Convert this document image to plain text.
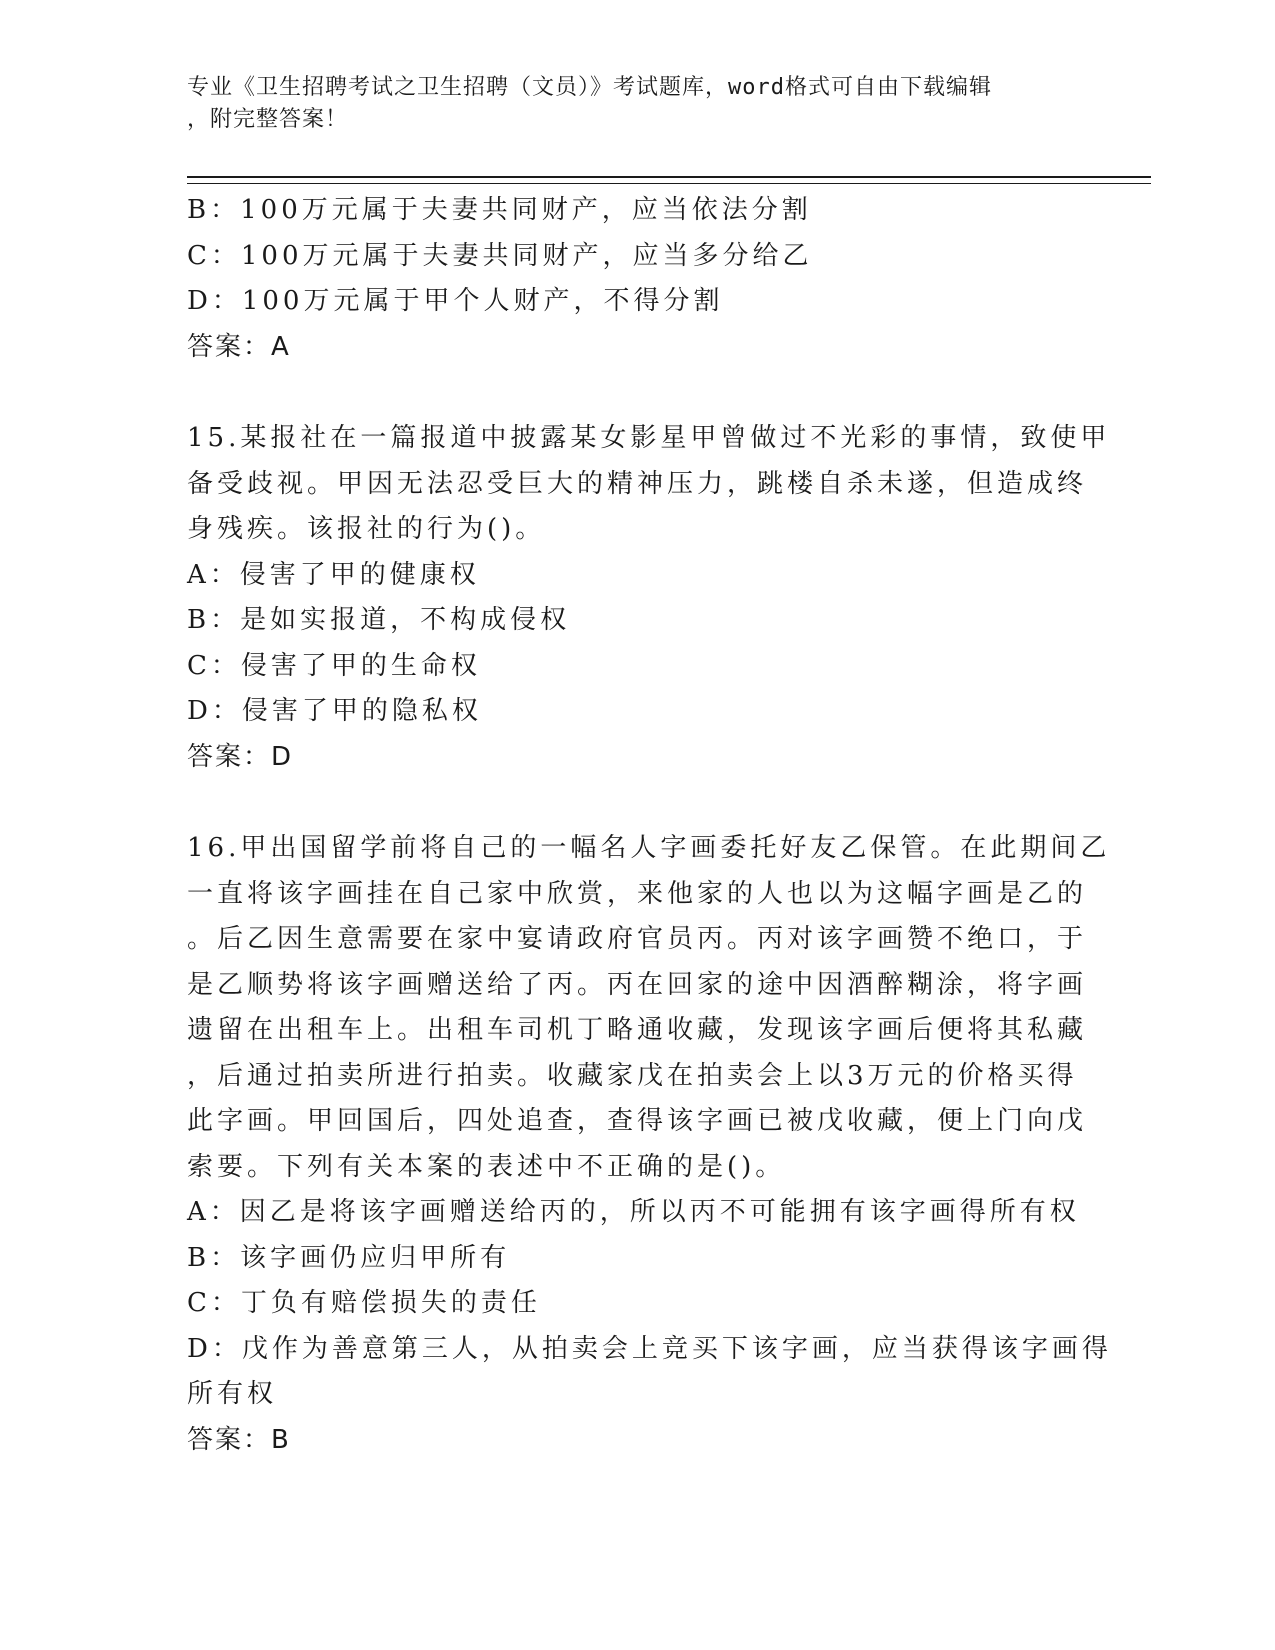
专业《卫生招聘考试之卫生招聘（文员）》考试题库，word格式可自由下载编辑
，附完整答案！

B：100万元属于夫妻共同财产，应当依法分割

C：100万元属于夫妻共同财产，应当多分给乙

D：100万元属于甲个人财产，不得分割

答案：A

15.某报社在一篇报道中披露某女影星甲曾做过不光彩的事情，致使甲

备受歧视。甲因无法忍受巨大的精神压力，跳楼自杀未遂，但造成终

身残疾。该报社的行为()。

A：侵害了甲的健康权

B：是如实报道，不构成侵权

C：侵害了甲的生命权

D：侵害了甲的隐私权

答案：D

16.甲出国留学前将自己的一幅名人字画委托好友乙保管。在此期间乙

一直将该字画挂在自己家中欣赏，来他家的人也以为这幅字画是乙的

。后乙因生意需要在家中宴请政府官员丙。丙对该字画赞不绝口，于

是乙顺势将该字画赠送给了丙。丙在回家的途中因酒醉糊涂，将字画

遗留在出租车上。出租车司机丁略通收藏，发现该字画后便将其私藏

，后通过拍卖所进行拍卖。收藏家戊在拍卖会上以3万元的价格买得

此字画。甲回国后，四处追查，查得该字画已被戊收藏，便上门向戊

索要。下列有关本案的表述中不正确的是()。

A：因乙是将该字画赠送给丙的，所以丙不可能拥有该字画得所有权

B：该字画仍应归甲所有

C：丁负有赔偿损失的责任

D：戊作为善意第三人，从拍卖会上竞买下该字画，应当获得该字画得

所有权

答案：B
